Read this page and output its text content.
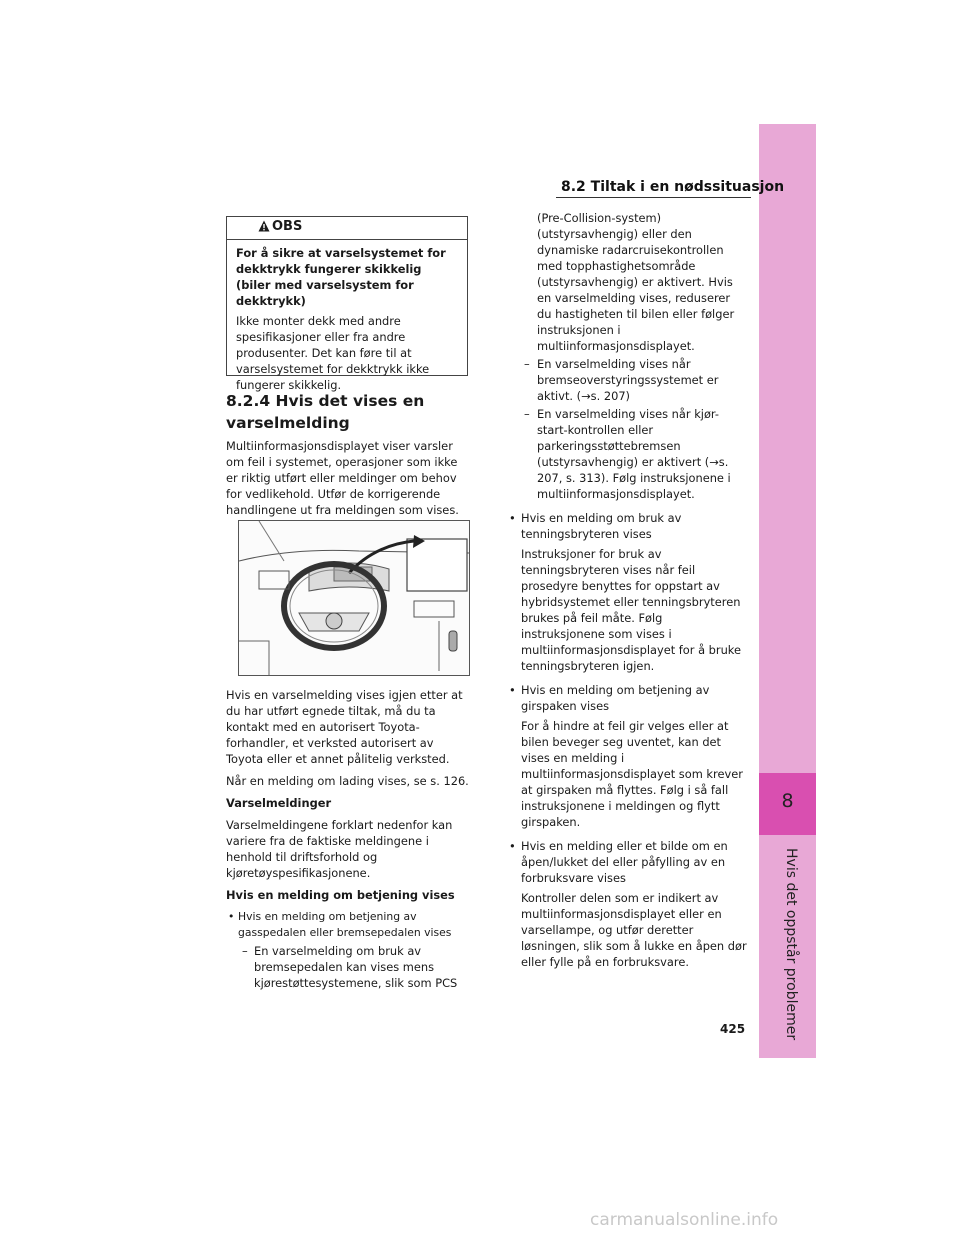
8
Hvis det oppstår problemer
8.2 Tiltak i en nødssituasjon
OBS
For å sikre at varselsystemet for dekktrykk fungerer skikkelig (biler med varselsystem for dekktrykk)
Ikke monter dekk med andre spesifikasjoner eller fra andre produsenter. Det kan føre til at varselsystemet for dekktrykk ikke fungerer skikkelig.
8.2.4 Hvis det vises en varselmelding

Multiinformasjonsdisplayet viser varsler om feil i systemet, operasjoner som ikke er riktig utført eller meldinger om behov for vedlikehold. Utfør de korrigerende handlingene ut fra meldingen som vises.

Hvis en varselmelding vises igjen etter at du har utført egnede tiltak, må du ta kontakt med en autorisert Toyota-forhandler, et verksted autorisert av Toyota eller et annet pålitelig verksted.

Når en melding om lading vises, se s. 126.

Varselmeldinger

Varselmeldingene forklart nedenfor kan variere fra de faktiske meldingene i henhold til driftsforhold og kjøretøyspesifikasjonene.

Hvis en melding om betjening vises

• Hvis en melding om betjening av gasspedalen eller bremsepedalen vises
– En varselmelding om bruk av bremsepedalen kan vises mens kjørestøttesystemene, slik som PCS
(Pre-Collision-system) (utstyrsavhengig) eller den dynamiske radarcruisekontrollen med topphastighetsområde (utstyrsavhengig) er aktivert. Hvis en varselmelding vises, reduserer du hastigheten til bilen eller følger instruksjonen i multiinformasjonsdisplayet.
– En varselmelding vises når bremseoverstyringssystemet er aktivt. (→s. 207)
– En varselmelding vises når kjør-start-kontrollen eller parkeringsstøttebremsen (utstyrsavhengig) er aktivert (→s. 207, s. 313). Følg instruksjonene i multiinformasjonsdisplayet.
• Hvis en melding om bruk av tenningsbryteren vises
Instruksjoner for bruk av tenningsbryteren vises når feil prosedyre benyttes for oppstart av hybridsystemet eller tenningsbryteren brukes på feil måte. Følg instruksjonene som vises i multiinformasjonsdisplayet for å bruke tenningsbryteren igjen.
• Hvis en melding om betjening av girspaken vises
For å hindre at feil gir velges eller at bilen beveger seg uventet, kan det vises en melding i multiinformasjonsdisplayet som krever at girspaken må flyttes. Følg i så fall instruksjonene i meldingen og flytt girspaken.
• Hvis en melding eller et bilde om en åpen/lukket del eller påfylling av en forbruksvare vises
Kontroller delen som er indikert av multiinformasjonsdisplayet eller en varsellampe, og utfør deretter løsningen, slik som å lukke en åpen dør eller fylle på en forbruksvare.
425
carmanualsonline.info
